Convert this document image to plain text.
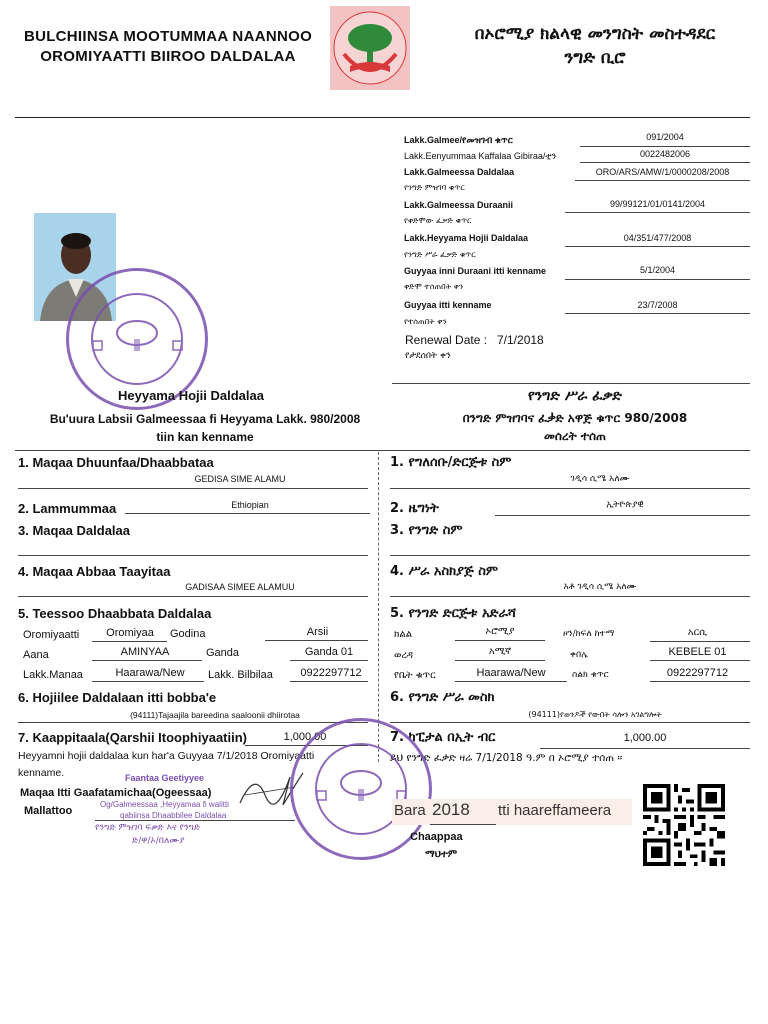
BULCHIINSA MOOTUMMAA NAANNOO
OROMIYAATTI BIIROO DALDALAA
በኦሮሚያ ክልላዊ መንግስት መስተዳደር
ንግድ ቢሮ
Lakk.Galmee/የመዝገብ ቁጥር	091/2004
Lakk.Eenyummaa Kaffalaa Gibiraa/ቲን	0022482006
Lakk.Galmeessa Daldalaa	ORO/ARS/AMW/1/0000208/2008
የንግድ ምዝገባ ቁጥር
Lakk.Galmeessa Duraanii	99/99121/01/0141/2004
የቀድሞው ፈቃድ ቁጥር
Lakk.Heyyama Hojii Daldalaa	04/351/477/2008
የንግድ ሥራ ፈቃድ ቁጥር
Guyyaa inni Duraani itti kenname	5/1/2004
ቀድሞ ተሰጠበት ቀን
Guyyaa itti kenname	23/7/2008
የተሰጠበት ቀን
Renewal Date : 7/1/2018
የታደሰበት ቀን
Heyyama Hojii Daldalaa
Bu'uura Labsii Galmeessaa fi Heyyama Lakk. 980/2008
tiin kan kenname
የንግድ ሥራ ፈቃድ
በንግድ ምዝገባና ፈቃድ አዋጅ ቁጥር 980/2008
መሰረት ተሰጠ
1. Maqaa Dhuunfaa/Dhaabbataa
GEDISA SIME ALAMU
1. የግለሰቡ/ድርጅቱ ስም
ገዲሳ ሲሜ አለሙ
2. Lammummaa	Ethiopian	2. ዜግነት	ኢትዮጵያዊ
3. Maqaa Daldalaa	3. የንግድ ስም
4. Maqaa Abbaa Taayitaa
GADISAA SIMEE ALAMUU
4. ሥራ አስክያጅ ስም
አቶ ገዲሳ ሲሜ አለሙ
5. Teessoo Dhaabbata Daldalaa	5. የንግድ ድርጅቱ አድራሻ
Oromiyaatti	Oromiyaa	Godina	Arsii
Aana	AMINYAA	Ganda	Ganda 01
Lakk.Manaa	Haarawa/New	Lakk. Bilbilaa	0922297712
ክልል	ኦሮሚያ	ዞን/ክፍለ ከተማ	አርሲ
ወረዳ	አሚኛ	ቀበሌ	KEBELE 01
የቤት ቁጥር	Haarawa/New	ስልክ ቁጥር	0922297712
6. Hojiilee Daldalaan itti bobba'e
(94111)Tajaajila bareedina saaloonii dhiirotaa
6. የንግድ ሥራ መስክ
(94111)የወንዶች የውበት ሳሎን አገልግሎት
7. Kaappitaala(Qarshii Itoophiyaatiin)	1,000.00	7. ካፒታል በኢት ብር	1,000.00
Heyyamni hojii daldalaa kun har'a Guyyaa 7/1/2018 Oromiyaatti
kenname.
ይህ የንግድ ፈቃድ ዛሬ 7/1/2018 ዓ.ም በ ኦሮሚያ ተሰጠ ።
Maqaa Itti Gaafatamichaa(Ogeessaa)
Mallattoo
Faantaa Geetiyyee
Og/Galmeessaa ,Heyyamaa fi walitti
qabiinsa Dhaabbilee Daldalaa
የንግድ ምዝገባ ፍቃድ እና የንግድ
ድ/ዋ/ኦ/በለሙያ	Chaappaa
ማህተም
Bara 2018 tti haareffameera
